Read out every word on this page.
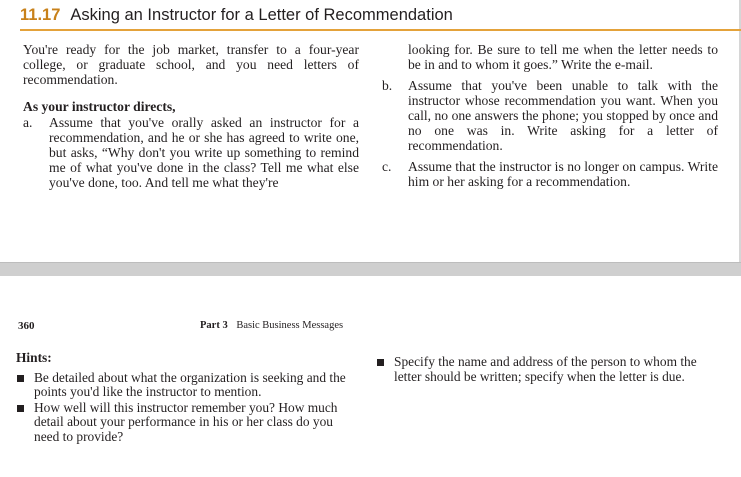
11.17 Asking an Instructor for a Letter of Recommendation

You're ready for the job market, transfer to a four-year college, or graduate school, and you need letters of recommendation.

As your instructor directs,

a.	Assume that you've orally asked an instructor for a recommendation, and he or she has agreed to write one, but asks, “Why don't you write up something to remind me of what you've done in the class? Tell me what else you've done, too. And tell me what they're

looking for. Be sure to tell me when the letter needs to be in and to whom it goes.” Write the e-mail.

b.	Assume that you've been unable to talk with the instructor whose recommendation you want. When you call, no one answers the phone; you stopped by once and no one was in. Write asking for a letter of recommendation.
c.	Assume that the instructor is no longer on campus. Write him or her asking for a recommendation.
360	Part 3 Basic Business Messages

Hints:

Be detailed about what the organization is seeking and the points you'd like the instructor to mention.
How well will this instructor remember you? How much detail about your performance in his or her class do you need to provide?
Specify the name and address of the person to whom the letter should be written; specify when the letter is due.
